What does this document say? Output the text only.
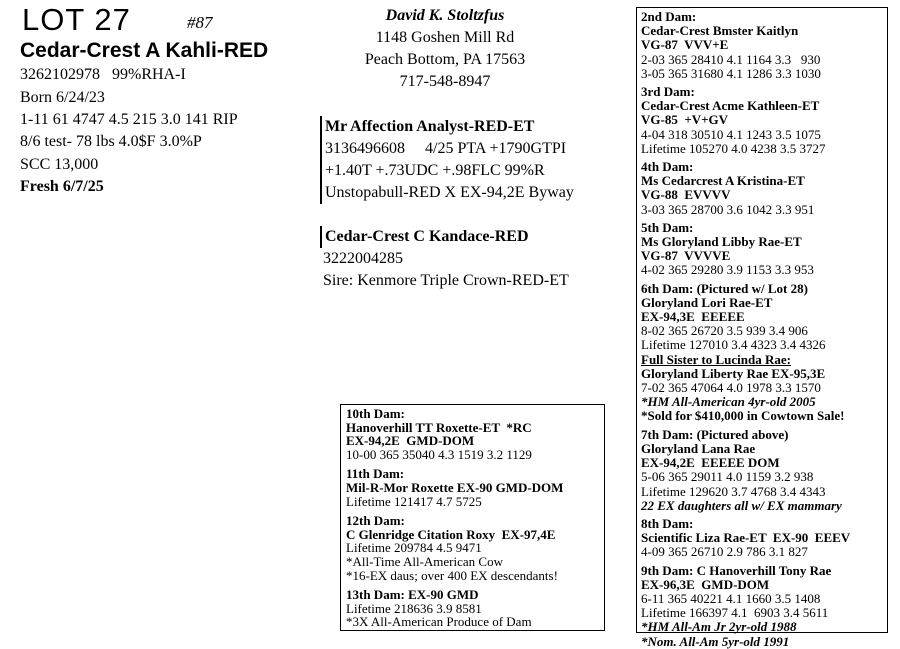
LOT 27	#87
Cedar-Crest A Kahli-RED
3262102978   99%RHA-I
Born 6/24/23
1-11 61 4747 4.5 215 3.0 141 RIP
8/6 test- 78 lbs 4.0$F 3.0%P
SCC 13,000
Fresh 6/7/25
David K. Stoltzfus
1148 Goshen Mill Rd
Peach Bottom, PA 17563
717-548-8947
Mr Affection Analyst-RED-ET
3136496608     4/25 PTA +1790GTPI
+1.40T +.73UDC +.98FLC 99%R
Unstopabull-RED X EX-94,2E Byway
Cedar-Crest C Kandace-RED
3222004285
Sire: Kenmore Triple Crown-RED-ET
2nd Dam:
Cedar-Crest Bmster Kaitlyn
VG-87  VVV+E
2-03 365 28410 4.1 1164 3.3   930
3-05 365 31680 4.1 1286 3.3 1030
3rd Dam:
Cedar-Crest Acme Kathleen-ET
VG-85  +V+GV
4-04 318 30510 4.1 1243 3.5 1075
Lifetime 105270 4.0 4238 3.5 3727
4th Dam:
Ms Cedarcrest A Kristina-ET
VG-88  EVVVV
3-03 365 28700 3.6 1042 3.3 951
5th Dam:
Ms Gloryland Libby Rae-ET
VG-87  VVVVE
4-02 365 29280 3.9 1153 3.3 953
6th Dam: (Pictured w/ Lot 28)
Gloryland Lori Rae-ET
EX-94,3E  EEEEE
8-02 365 26720 3.5 939 3.4 906
Lifetime 127010 3.4 4323 3.4 4326
Full Sister to Lucinda Rae:
Gloryland Liberty Rae EX-95,3E
7-02 365 47064 4.0 1978 3.3 1570
*HM All-American 4yr-old 2005
*Sold for $410,000 in Cowtown Sale!
7th Dam: (Pictured above)
Gloryland Lana Rae
EX-94,2E  EEEEE DOM
5-06 365 29011 4.0 1159 3.2 938
Lifetime 129620 3.7 4768 3.4 4343
22 EX daughters all w/ EX mammary
8th Dam:
Scientific Liza Rae-ET  EX-90  EEEV
4-09 365 26710 2.9 786 3.1 827
9th Dam: C Hanoverhill Tony Rae
EX-96,3E  GMD-DOM
6-11 365 40221 4.1 1660 3.5 1408
Lifetime 166397 4.1  6903 3.4 5611
*HM All-Am Jr 2yr-old 1988
*Nom. All-Am 5yr-old 1991
10th Dam:
Hanoverhill TT Roxette-ET  *RC
EX-94,2E  GMD-DOM
10-00 365 35040 4.3 1519 3.2 1129
11th Dam:
Mil-R-Mor Roxette EX-90 GMD-DOM
Lifetime 121417 4.7 5725
12th Dam:
C Glenridge Citation Roxy  EX-97,4E
Lifetime 209784 4.5 9471
*All-Time All-American Cow
*16-EX daus; over 400 EX descendants!
13th Dam: EX-90 GMD
Lifetime 218636 3.9 8581
*3X All-American Produce of Dam
